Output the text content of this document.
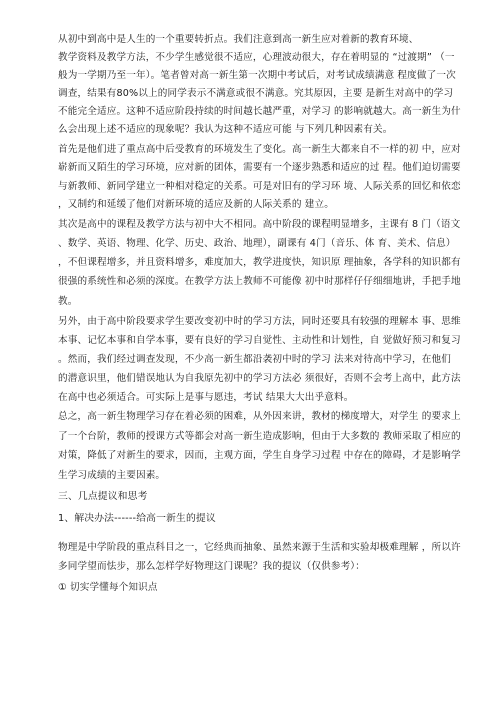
从初中到高中是人生的一个重要转折点。我们注意到高一新生应对着新的教育环境、
教学资料及教学方法，不少学生感觉很不适应，心理波动很大，存在着明显的 “过渡期” （一
般为一学期乃至一年）。笔者曾对高一新生第一次期中考试后，对考试成绩满意 程度做了一次
调查，结果有80%以上的同学表示不满意或很不满意。究其原因，主要 是新生对高中的学习
不能完全适应。这种不适应阶段持续的时间越长越严重，对学习 的影响就越大。高一新生为什
么会出现上述不适应的现象呢？我认为这种不适应可能 与下列几种因素有关。
首先是他们进了重点高中后受教育的环境发生了变化。高一新生大都来自不一样的初 中，应对
崭新而又陌生的学习环境，应对新的团体，需要有一个逐步熟悉和适应的过 程。他们迫切需要
与新教师、新同学建立一种相对稳定的关系。可是对旧有的学习环 境、人际关系的回忆和依恋
，又制约和延缓了他们对新环境的适应及新的人际关系的 建立。
其次是高中的课程及教学方法与初中大不相同。高中阶段的课程明显增多，主课有 8 门（语文
、数学、英语、物理、化学、历史、政治、地理），副课有 4门（音乐、体 育、美术、信息）
，不但课程增多，并且资料增多，难度加大，教学进度快，知识原 理抽象，各学科的知识都有
很强的系统性和必须的深度。在教学方法上教师不可能像 初中时那样仔仔细细地讲，手把手地
教。
另外，由于高中阶段要求学生要改变初中时的学习方法，同时还要具有较强的理解本 事、思维
本事、记忆本事和自学本事，要有良好的学习自觉性、主动性和计划性，自 觉做好预习和复习
。然而，我们经过调查发现，不少高一新生都沿袭初中时的学习 法来对待高中学习，在他们
的潜意识里，他们错误地认为自我原先初中的学习方法必 须很好，否则不会考上高中，此方法
在高中也必须适合。可实际上是事与愿违，考试 结果大大出乎意料。
总之，高一新生物理学习存在着必须的困难，从外因来讲，教材的梯度增大，对学生 的要求上
了一个台阶，教师的授课方式等都会对高一新生造成影响，但由于大多数的 教师采取了相应的
对策，降低了对新生的要求，因而，主观方面，学生自身学习过程 中存在的障碍，才是影响学
生学习成绩的主要因素。
三、几点提议和思考
1、解决办法------给高一新生的提议
物理是中学阶段的重点科目之一，它经典而抽象、虽然来源于生活和实验却极难理解 ，所以许
多同学望而怯步，那么怎样学好物理这门课呢？我的提议（仅供参考）：
① 切实学懂每个知识点
